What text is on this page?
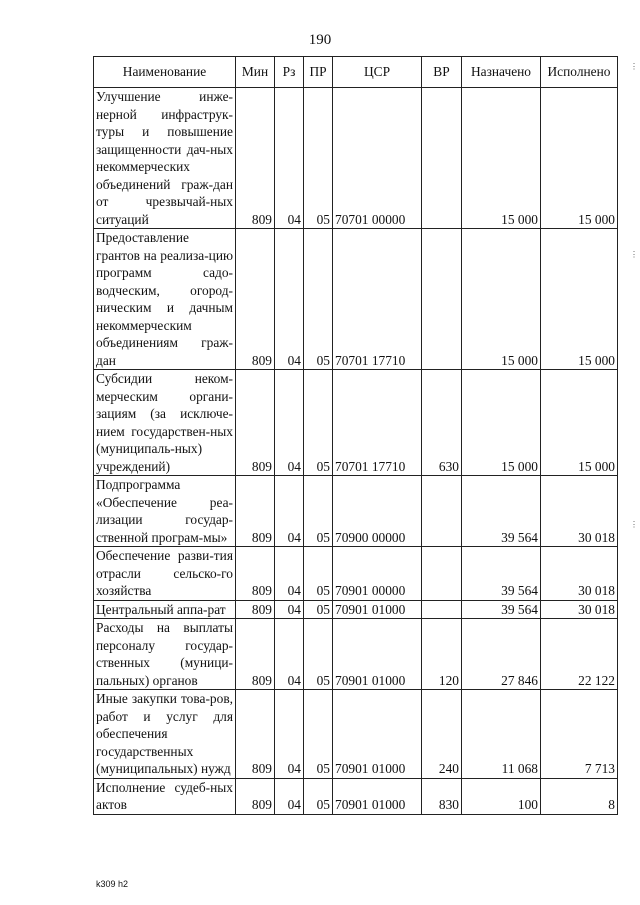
190
Наименование	Мин	Рз	ПР	ЦСР	ВР	Назначено	Исполнено
Улучшение инже-нерной инфраструк-туры и повышение защищенности дач-ных некоммерческих объединений граж-дан от чрезвычай-ных ситуаций	809	04	05	70701 00000		15 000	15 000
Предоставление грантов на реализа-цию программ садо-водческим, огород-ническим и дачным некоммерческим объединениям граж-дан	809	04	05	70701 17710		15 000	15 000
Субсидии неком-мерческим органи-зациям (за исключе-нием государствен-ных (муниципаль-ных) учреждений)	809	04	05	70701 17710	630	15 000	15 000
Подпрограмма «Обеспечение реа-лизации государ-ственной програм-мы»	809	04	05	70900 00000		39 564	30 018
Обеспечение разви-тия отрасли сельско-го хозяйства	809	04	05	70901 00000		39 564	30 018
Центральный аппа-рат	809	04	05	70901 01000		39 564	30 018
Расходы на выплаты персоналу государ-ственных (муници-пальных) органов	809	04	05	70901 01000	120	27 846	22 122
Иные закупки това-ров, работ и услуг для обеспечения государственных (муниципальных) нужд	809	04	05	70901 01000	240	11 068	7 713
Исполнение судеб-ных актов	809	04	05	70901 01000	830	100	8
k309 h2
⋮
⋮
⋮
